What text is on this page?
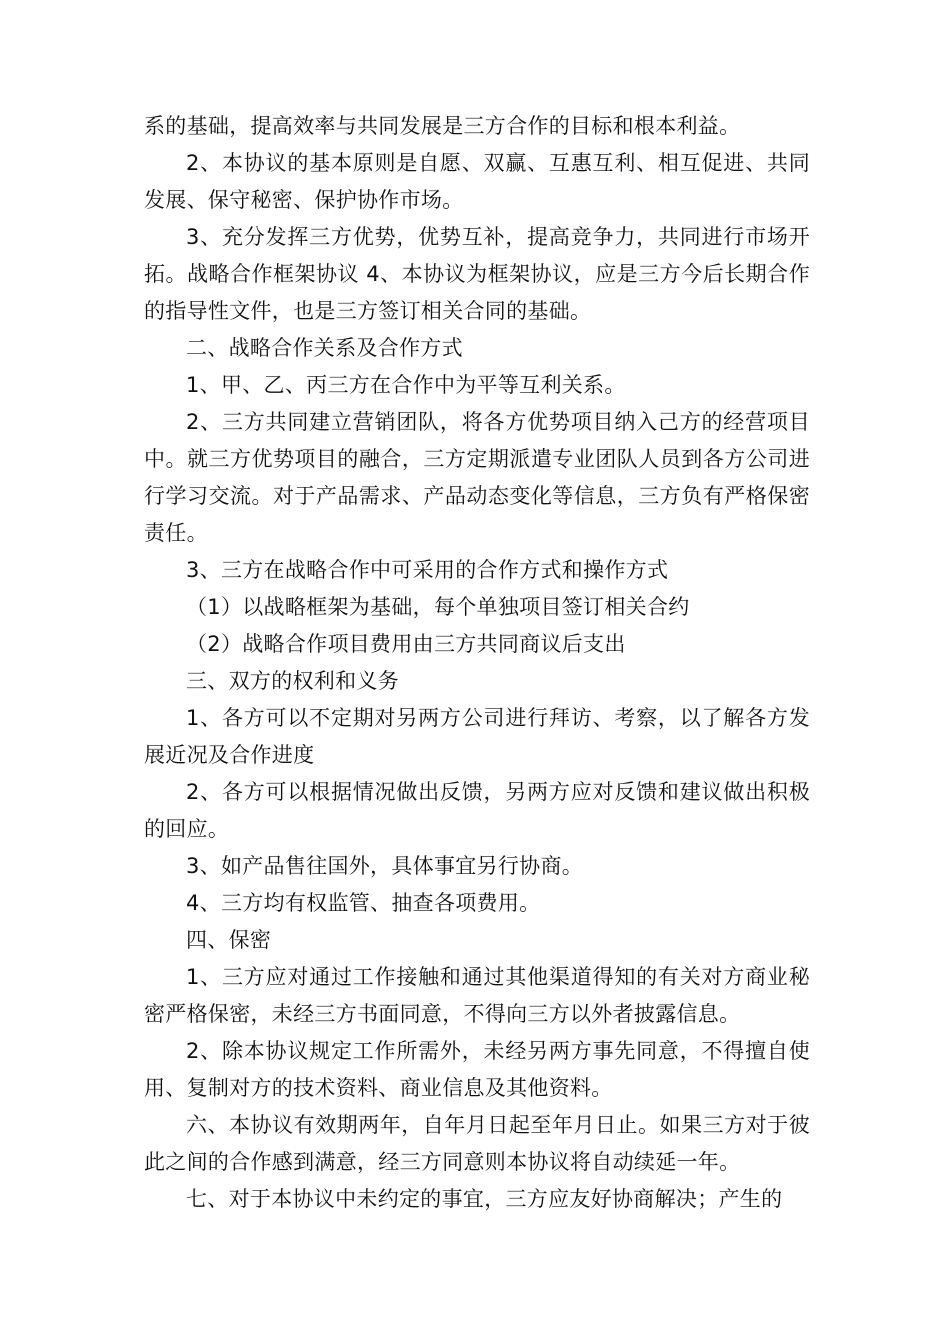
系的基础，提高效率与共同发展是三方合作的目标和根本利益。

2、本协议的基本原则是自愿、双赢、互惠互利、相互促进、共同发展、保守秘密、保护协作市场。

3、充分发挥三方优势，优势互补，提高竞争力，共同进行市场开拓。战略合作框架协议 4、本协议为框架协议，应是三方今后长期合作的指导性文件，也是三方签订相关合同的基础。

二、战略合作关系及合作方式

1、甲、乙、丙三方在合作中为平等互利关系。

2、三方共同建立营销团队，将各方优势项目纳入己方的经营项目中。就三方优势项目的融合，三方定期派遣专业团队人员到各方公司进行学习交流。对于产品需求、产品动态变化等信息，三方负有严格保密责任。

3、三方在战略合作中可采用的合作方式和操作方式

（1）以战略框架为基础，每个单独项目签订相关合约

（2）战略合作项目费用由三方共同商议后支出

三、双方的权利和义务

1、各方可以不定期对另两方公司进行拜访、考察，以了解各方发展近况及合作进度

2、各方可以根据情况做出反馈，另两方应对反馈和建议做出积极的回应。

3、如产品售往国外，具体事宜另行协商。

4、三方均有权监管、抽查各项费用。

四、保密

1、三方应对通过工作接触和通过其他渠道得知的有关对方商业秘密严格保密，未经三方书面同意，不得向三方以外者披露信息。

2、除本协议规定工作所需外，未经另两方事先同意，不得擅自使用、复制对方的技术资料、商业信息及其他资料。

六、本协议有效期两年，自年月日起至年月日止。如果三方对于彼此之间的合作感到满意，经三方同意则本协议将自动续延一年。

七、对于本协议中未约定的事宜，三方应友好协商解决；产生的
